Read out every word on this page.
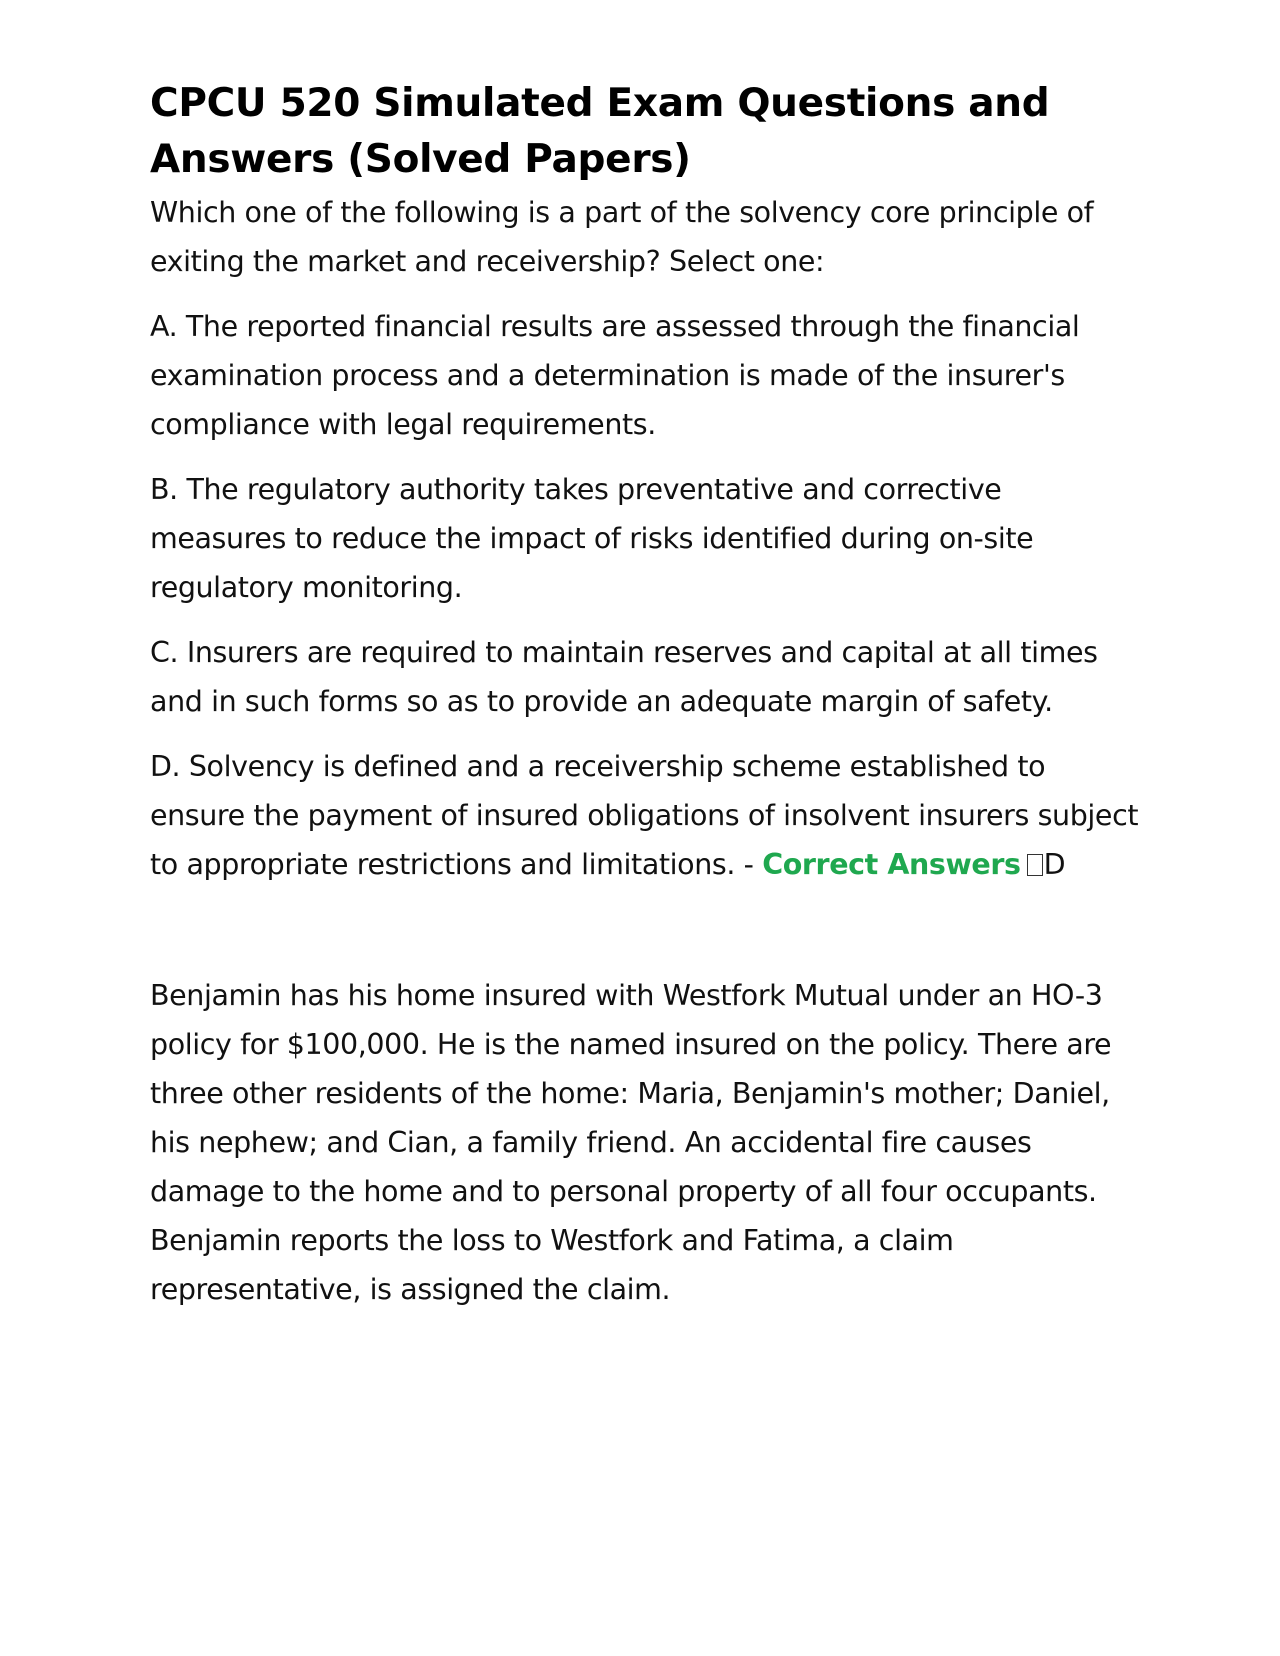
CPCU 520 Simulated Exam Questions and Answers (Solved Papers)

Which one of the following is a part of the solvency core principle of exiting the market and receivership? Select one:

A. The reported financial results are assessed through the financial examination process and a determination is made of the insurer's compliance with legal requirements.

B. The regulatory authority takes preventative and corrective measures to reduce the impact of risks identified during on-site regulatory monitoring.

C. Insurers are required to maintain reserves and capital at all times and in such forms so as to provide an adequate margin of safety.

D. Solvency is defined and a receivership scheme established to ensure the payment of insured obligations of insolvent insurers subject to appropriate restrictions and limitations. - Correct Answers D

Benjamin has his home insured with Westfork Mutual under an HO-3 policy for $100,000. He is the named insured on the policy. There are three other residents of the home: Maria, Benjamin's mother; Daniel, his nephew; and Cian, a family friend. An accidental fire causes damage to the home and to personal property of all four occupants. Benjamin reports the loss to Westfork and Fatima, a claim representative, is assigned the claim.
